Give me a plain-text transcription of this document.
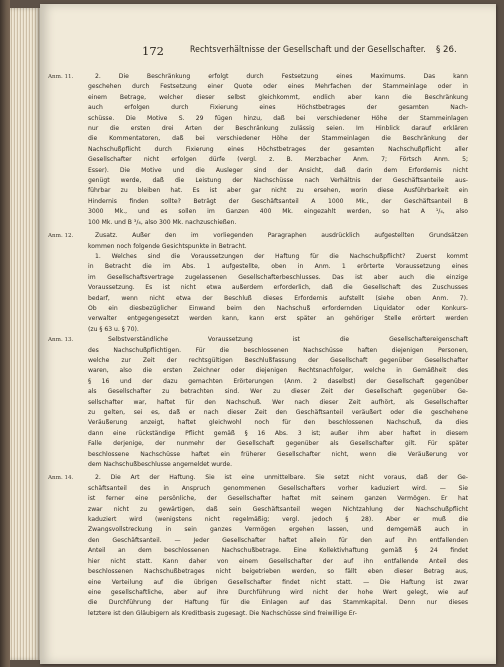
172	Rechtsverhältnisse der Gesellschaft und der Gesellschafter. § 26.
Anm. 11.	2. Die Beschränkung erfolgt durch Festsetzung eines Maximums. Das kann
geschehen durch Festsetzung einer Quote oder eines Mehrfachen der Stammeinlage oder in
einem Betrage, welcher dieser selbst gleichkommt, endlich aber kann die Beschränkung
auch erfolgen durch Fixierung eines Höchstbetrages der gesamten Nach-
schüsse. Die Motive S. 29 fügen hinzu, daß bei verschiedener Höhe der Stammeinlagen
nur die ersten drei Arten der Beschränkung zulässig seien. Im Hinblick darauf erklären
die Kommentatoren, daß bei verschiedener Höhe der Stammeinlagen die Beschränkung der
Nachschußpflicht durch Fixierung eines Höchstbetrages der gesamten Nachschußpflicht aller
Gesellschafter nicht erfolgen dürfe (vergl. z. B. Merzbacher Anm. 7; Förtsch Anm. 5;
Esser). Die Motive und die Ausleger sind der Ansicht, daß darin dem Erfordernis nicht
genügt werde, daß die Leistung der Nachschüsse nach Verhältnis der Geschäftsanteile aus-
führbar zu bleiben hat. Es ist aber gar nicht zu ersehen, worin diese Ausführbarkeit ein
Hindernis finden sollte? Beträgt der Geschäftsanteil A 1000 Mk., der Geschäftsanteil B
3000 Mk., und es sollen im Ganzen 400 Mk. eingezahlt werden, so hat A ¹/₄, also
100 Mk. und B ³/₄, also 300 Mk. nachzuschießen.
Anm. 12.	Zusatz. Außer den im vorliegenden Paragraphen ausdrücklich aufgestellten Grundsätzen
kommen noch folgende Gesichtspunkte in Betracht.
1. Welches sind die Voraussetzungen der Haftung für die Nachschußpflicht? Zuerst kommt
in Betracht die im Abs. 1 aufgestellte, oben in Anm. 1 erörterte Voraussetzung eines
im Gesellschaftsvertrage zugelassenen Gesellschafterbeschlusses. Das ist aber auch die einzige
Voraussetzung. Es ist nicht etwa außerdem erforderlich, daß die Gesellschaft des Zuschusses
bedarf, wenn nicht etwa der Beschluß dieses Erfordernis aufstellt (siehe oben Anm. 7).
Ob ein diesbezüglicher Einwand beim den Nachschuß erfordernden Liquidator oder Konkurs-
verwalter entgegengesetzt werden kann, kann erst später an gehöriger Stelle erörtert werden
(zu § 63 u. § 70).
Anm. 13.	Selbstverständliche Voraussetzung ist die Gesellschaftereigenschaft
des Nachschußpflichtigen. Für die beschlossenen Nachschüsse haften diejenigen Personen,
welche zur Zeit der rechtsgültigen Beschlußfassung der Gesellschaft gegenüber Gesellschafter
waren, also die ersten Zeichner oder diejenigen Rechtsnachfolger, welche in Gemäßheit des
§ 16 und der dazu gemachten Erörterungen (Anm. 2 daselbst) der Gesellschaft gegenüber
als Gesellschafter zu betrachten sind. Wer zu dieser Zeit der Gesellschaft gegenüber Ge-
sellschafter war, haftet für den Nachschuß. Wer nach dieser Zeit aufhört, als Gesellschafter
zu gelten, sei es, daß er nach dieser Zeit den Geschäftsanteil veräußert oder die geschehene
Veräußerung anzeigt, haftet gleichwohl noch für den beschlossenen Nachschuß, da dies
dann eine rückständige Pflicht gemäß § 16 Abs. 3 ist; außer ihm aber haftet in diesem
Falle derjenige, der nunmehr der Gesellschaft gegenüber als Gesellschafter gilt. Für später
beschlossene Nachschüsse haftet ein früherer Gesellschafter nicht, wenn die Veräußerung vor
dem Nachschußbeschlusse angemeldet wurde.
Anm. 14.	2. Die Art der Haftung. Sie ist eine unmittelbare. Sie setzt nicht voraus, daß der Ge-
schäftsanteil des in Anspruch genommenen Gesellschafters vorher kaduziert wird. — Sie
ist ferner eine persönliche, der Gesellschafter haftet mit seinem ganzen Vermögen. Er hat
zwar nicht zu gewärtigen, daß sein Geschäftsanteil wegen Nichtzahlung der Nachschußpflicht
kaduziert wird (wenigstens nicht regelmäßig; vergl. jedoch § 28). Aber er muß die
Zwangsvollstreckung in sein ganzes Vermögen ergehen lassen, und demgemäß auch in
den Geschäftsanteil. — Jeder Gesellschafter haftet allein für den auf ihn entfallenden
Anteil an dem beschlossenen Nachschußbetrage. Eine Kollektivhaftung gemäß § 24 findet
hier nicht statt. Kann daher von einem Gesellschafter der auf ihn entfallende Anteil des
beschlossenen Nachschußbetrages nicht beigetrieben werden, so fällt eben dieser Betrag aus,
eine Verteilung auf die übrigen Gesellschafter findet nicht statt. — Die Haftung ist zwar
eine gesellschaftliche, aber auf ihre Durchführung wird nicht der hohe Wert gelegt, wie auf
die Durchführung der Haftung für die Einlagen auf das Stammkapital. Denn nur dieses
letztere ist den Gläubigern als Kreditbasis zugesagt. Die Nachschüsse sind freiwillige Er-
